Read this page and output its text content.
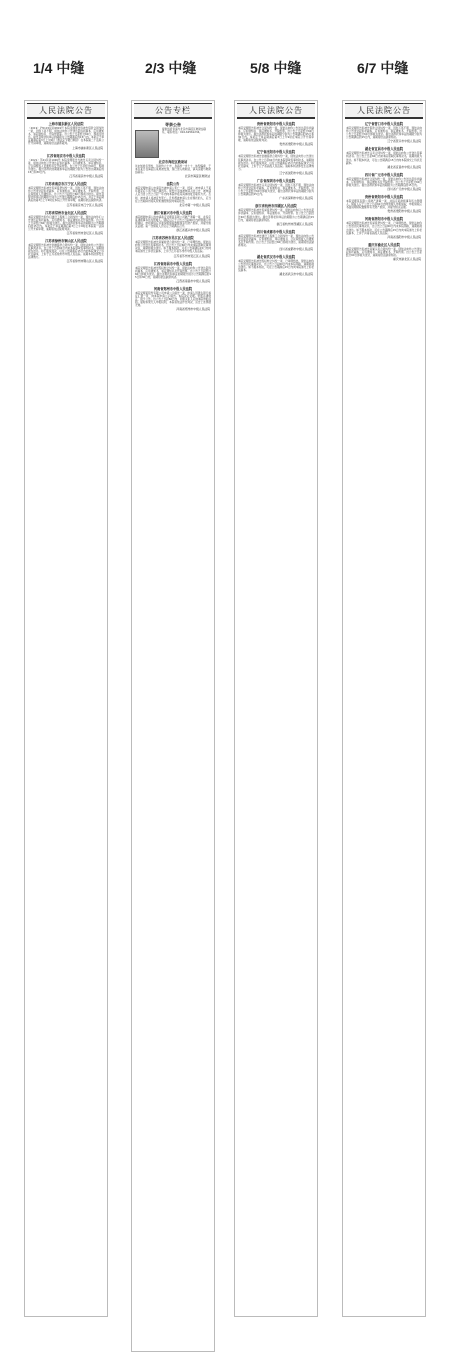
1/4 中缝	2/3 中缝	5/8 中缝	6/7 中缝
人民法院公告
上海市浦东新区人民法院
（2019）沪0115民初4819号 本院受理原告诉被告借款合同纠纷一案，因你下落不明，现依法向你公告送达起诉状副本、应诉通知书、举证通知书、开庭传票等。自公告之日起经过60日，即视为送达。提出答辩状和举证的期限为公告期满后的15日内。本案定于举证期满后第3日上午9时（遇法定节假日顺延）在本院第二十法庭公开开庭审理，逾期将依法缺席裁判。
上海市浦东新区人民法院
江苏省南京市中级人民法院
（2021）苏01民初1026号 本院受理原告与被告买卖合同纠纷一案，现依法向你公告送达起诉状副本、应诉通知书、举证通知书、合议庭组成人员通知书及开庭传票。自公告之日起经过60日，即视为送达。提出答辩状的期限和举证的期限分别为公告送达期满后的15日和30日内。
江苏省南京市中级人民法院
江苏省南京市江宁区人民法院
本院受理原告诉被告民间借贷纠纷一案，因你下落不明，现依法向你公告送达起诉状副本、应诉通知书、举证通知书、开庭传票、合议庭组成人员通知书。自公告之日起经过60日即视为送达。提出答辩状和举证的期限分别为公告送达期满后的15日内。并定于举证期满后的第3日上午9时在本院公开开庭审理，逾期将依法缺席判决。
江苏省南京市江宁区人民法院
江苏省常州市金坛区人民法院
本院受理原告诉你们建设工程施工合同纠纷一案，现依法向你们公告送达起诉状副本、应诉通知书、举证通知书及开庭传票。自公告之日起经过60日即视为送达。提出答辩状和举证的期限为公告期满后的15日内。本案定于举证期满后第3日上午9时在本院第一法庭公开开庭审理，逾期将依法缺席判决。
江苏省常州市金坛区人民法院
江苏省徐州市铜山区人民法院
本院受理原告诉被告金融借款合同纠纷一案，现依法向你公告送达民事判决书。自公告之日起60日内来本院领取民事判决书，逾期则视为送达。如不服本判决，可在公告期满后15日内向本院递交上诉状及副本，上诉于江苏省徐州市中级人民法院。逾期本判决即发生法律效力。
江苏省徐州市铜山区人民法院
公告专栏
寻亲公告
提供线索者请与北京市海淀区救助站联系，联系电话：010-62561234。
北京市海淀区救助站
该未知姓名男性，年龄约六十岁，身高约一米七十，体型偏瘦，于本年某日在海淀区某地被发现，现已送入救助站，请其亲属与救助站联系。
北京市海淀区救助站
法院公告
本院受理申请人申请宣告被申请人死亡一案，经查：被申请人于某年离家后下落不明已满四年。现发出寻找被申请人的公告，被申请人应当自公告之日起一年内向本院申报其具体地址及联系方式。否则，被申请人将被宣告死亡。凡知悉被申请人生存现状的人，应当在公告期间内将其所知道的情况向本院报告。
北京市第一中级人民法院
浙江省嘉兴市中级人民法院
本院根据申请人的申请裁定受理某有限公司破产清算一案，并指定某律师事务所为管理人。债权人应于公告之日起60日内向管理人申报债权，申报债权应书面说明债权数额和有无财产担保，并提交相关证据。第一次债权人会议定于期满后召开。
浙江省嘉兴市中级人民法院
江苏省苏州市吴江区人民法院
本院受理原告诉被告房屋租赁合同纠纷一案，已审理终结。现依法向你公告送达民事判决书，自公告之日起60日内来本院领取民事判决书，逾期则视为送达。如不服本判决，可在公告期满后15日内向本院递交上诉状及副本，上诉于江苏省苏州市中级人民法院。
江苏省苏州市吴江区人民法院
江西省南昌市中级人民法院
本院受理原告诉被告股权转让纠纷一案，现依法向你公告送达起诉状副本、应诉通知书、举证通知书及开庭传票。自公告之日起经过60日即视为送达。提出答辩状和举证的期限分别为公告期满后的15日和30日内，逾期将依法缺席判决。
江西省南昌市中级人民法院
河南省郑州市中级人民法院
本院受理某股份有限公司申请公示催告一案，申请人因遗失银行承兑汇票一张，向本院申请公示催告。本院决定受理。依照法律规定，现予公告。自公告之日起60日内，利害关系人应向本院申报权利。届时如果无人申报权利，本院将依法作出判决，宣告上述票据无效。
河南省郑州市中级人民法院
人民法院公告
贵州省贵阳市中级人民法院
本院受理原告诉被告合同纠纷一案，现依法向你公告送达起诉状副本、应诉通知书、举证通知书、开庭传票。自公告之日起经过60日即视为送达。提出答辩状和举证的期限分别为公告期满后的15日和30日内。本案定于举证期满后第3日上午9时在本院公开开庭审理，逾期将依法缺席判决。
贵州省贵阳市中级人民法院
辽宁省沈阳市中级人民法院
本院受理原告诉被告金融借款合同纠纷一案，现依法向你公告送达民事判决书。自公告之日起60日内来本院领取民事判决书，逾期则视为送达。如不服本判决，可在公告期满后15日内向本院递交上诉状及副本，上诉于辽宁省高级人民法院。逾期本判决即发生法律效力。
辽宁省沈阳市中级人民法院
广东省深圳市中级人民法院
本院受理原告诉被告买卖合同纠纷一案，因你下落不明，现依法向你公告送达起诉状副本、应诉通知书、举证通知书、开庭传票。自公告之日起经过60日即视为送达，提出答辩状和举证的期限分别为公告期满后的15日内。
广东省深圳市中级人民法院
浙江省杭州市西湖区人民法院
本院受理原告诉被告民间借贷纠纷一案，现依法向你们公告送达起诉状副本、应诉通知书、举证通知书、开庭传票。自公告之日起经过60日即视为送达。提出答辩状和举证的期限为公告期满后的15日内，逾期将依法缺席判决。
浙江省杭州市西湖区人民法院
四川省成都市中级人民法院
本院受理原告诉被告建设工程施工合同纠纷一案，现依法向你公告送达起诉状副本、应诉通知书、举证通知书、合议庭组成人员通知书及开庭传票。自公告之日起经过60日即视为送达，逾期将依法缺席判决。
四川省成都市中级人民法院
湖北省武汉市中级人民法院
本院受理原告诉被告股权转让纠纷一案，已审理终结。现依法向你公告送达民事判决书，自公告之日起60日内来本院领取，逾期则视为送达。如不服本判决，可在公告期满后15日内向本院递交上诉状及副本。
湖北省武汉市中级人民法院
人民法院公告
辽宁省营口市中级人民法院
本院受理原告诉被告借款合同纠纷一案，因你下落不明，现依法向你公告送达起诉状副本、应诉通知书、举证通知书、开庭传票。自公告之日起经过60日即视为送达。提出答辩状和举证的期限分别为公告期满后的15日内，逾期将依法缺席判决。
辽宁省营口市中级人民法院
湖北省宜昌市中级人民法院
本院受理原告诉被告买卖合同纠纷一案，现依法向你公告送达民事判决书。自公告之日起60日内来本院领取民事判决书，逾期则视为送达。如不服本判决，可在公告期满后15日内向本院递交上诉状及副本。
湖北省宜昌市中级人民法院
四川省广元市中级人民法院
本院受理原告诉被告合同纠纷一案，现依法向你公告送达起诉状副本、应诉通知书、举证通知书及开庭传票。自公告之日起经过60日即视为送达。提出答辩状和举证的期限为公告期满后的15日内。
四川省广元市中级人民法院
贵州省贵阳市中级人民法院
本院受理某有限公司破产清算一案，并指定某律师事务所为管理人。债权人应于公告之日起60日内向管理人申报债权，申报债权应书面说明债权数额和有无财产担保，并提交相关证据。
贵州省贵阳市中级人民法院
河南省洛阳市中级人民法院
本院受理原告诉被告民间借贷纠纷一案，已审理终结。现依法向你公告送达民事判决书，自公告之日起60日内来本院领取，逾期则视为送达。如不服本判决，可在公告期满后15日内向本院递交上诉状及副本，上诉于河南省高级人民法院。
河南省洛阳市中级人民法院
重庆市渝北区人民法院
本院受理原告诉被告房屋买卖合同纠纷一案，现依法向你公告送达起诉状副本、应诉通知书、举证通知书、开庭传票。自公告之日起经过60日即视为送达，逾期将依法缺席判决。
重庆市渝北区人民法院
